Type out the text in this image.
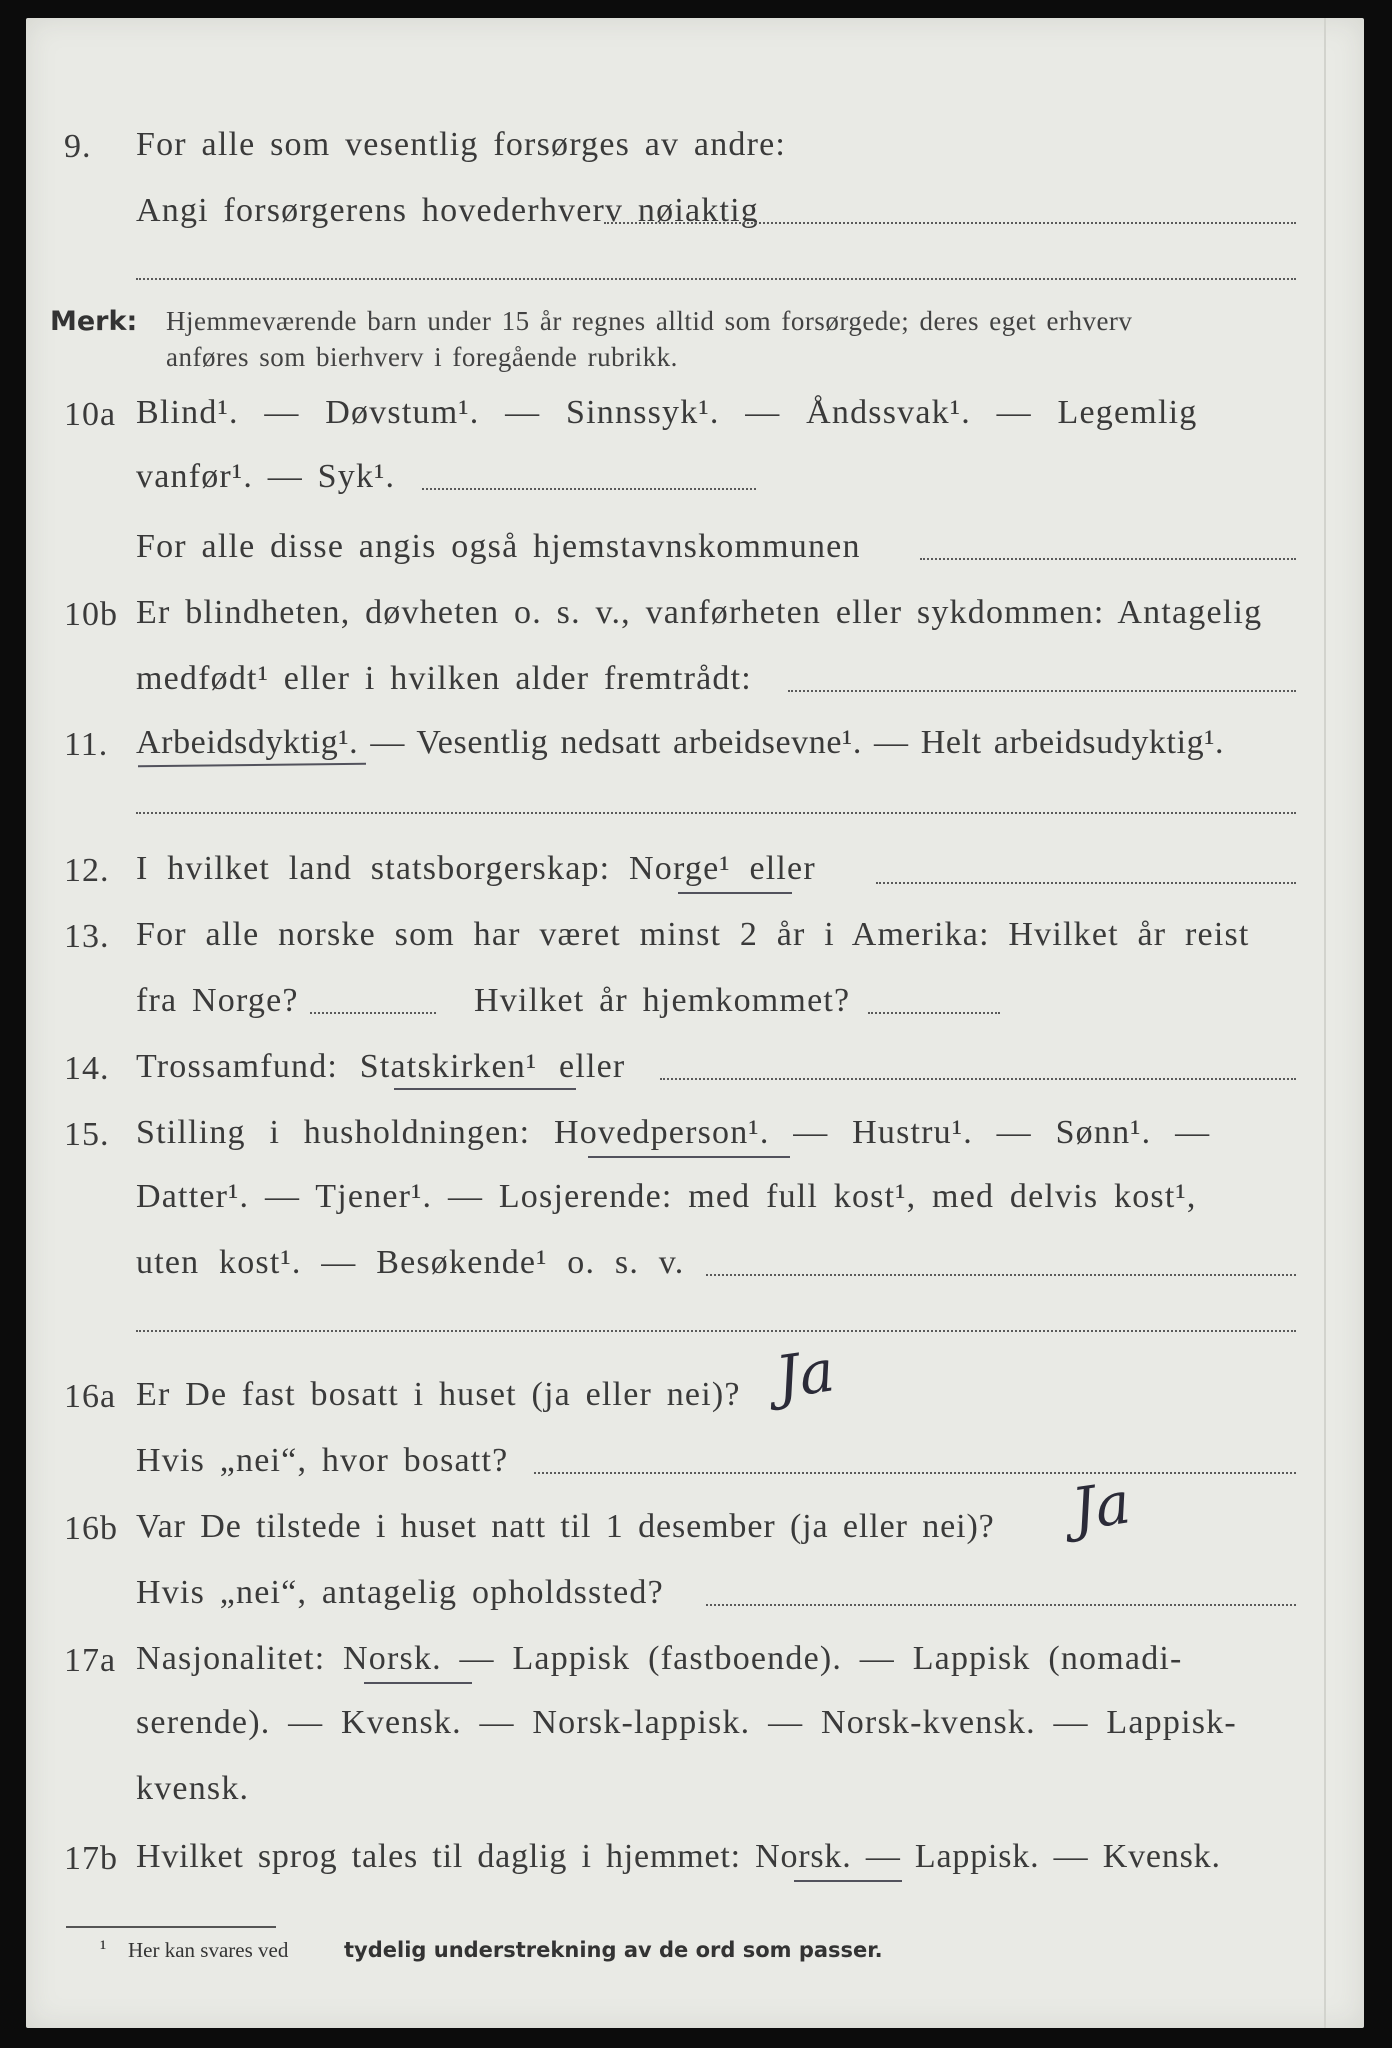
9.	For alle som vesentlig forsørges av andre:
Angi forsørgerens hovederhverv nøiaktig
Merk: Hjemmeværende barn under 15 år regnes alltid som forsørgede; deres eget erhverv
anføres som bierhverv i foregående rubrikk.
10a Blind¹. — Døvstum¹. — Sinnssyk¹. — Åndssvak¹. — Legemlig
vanfør¹. — Syk¹.
For alle disse angis også hjemstavnskommunen
10b Er blindheten, døvheten o. s. v., vanførheten eller sykdommen: Antagelig
medfødt¹ eller i hvilken alder fremtrådt:
11. Arbeidsdyktig¹. — Vesentlig nedsatt arbeidsevne¹. — Helt arbeidsudyktig¹.
12. I hvilket land statsborgerskap: Norge¹ eller
13. For alle norske som har været minst 2 år i Amerika: Hvilket år reist
fra Norge?	Hvilket år hjemkommet?
14. Trossamfund: Statskirken¹ eller
15. Stilling i husholdningen: Hovedperson¹. — Hustru¹. — Sønn¹. —
Datter¹. — Tjener¹. — Losjerende: med full kost¹, med delvis kost¹,
uten kost¹. — Besøkende¹ o. s. v.
16a Er De fast bosatt i huset (ja eller nei)? Ja
Hvis „nei“, hvor bosatt?
16b Var De tilstede i huset natt til 1 desember (ja eller nei)? Ja
Hvis „nei“, antagelig opholdssted?
17a Nasjonalitet: Norsk. — Lappisk (fastboende). — Lappisk (nomadi-
serende). — Kvensk. — Norsk-lappisk. — Norsk-kvensk. — Lappisk-
kvensk.
17b Hvilket sprog tales til daglig i hjemmet: Norsk. — Lappisk. — Kvensk.
¹ Her kan svares ved	tydelig understrekning av de ord som passer.
